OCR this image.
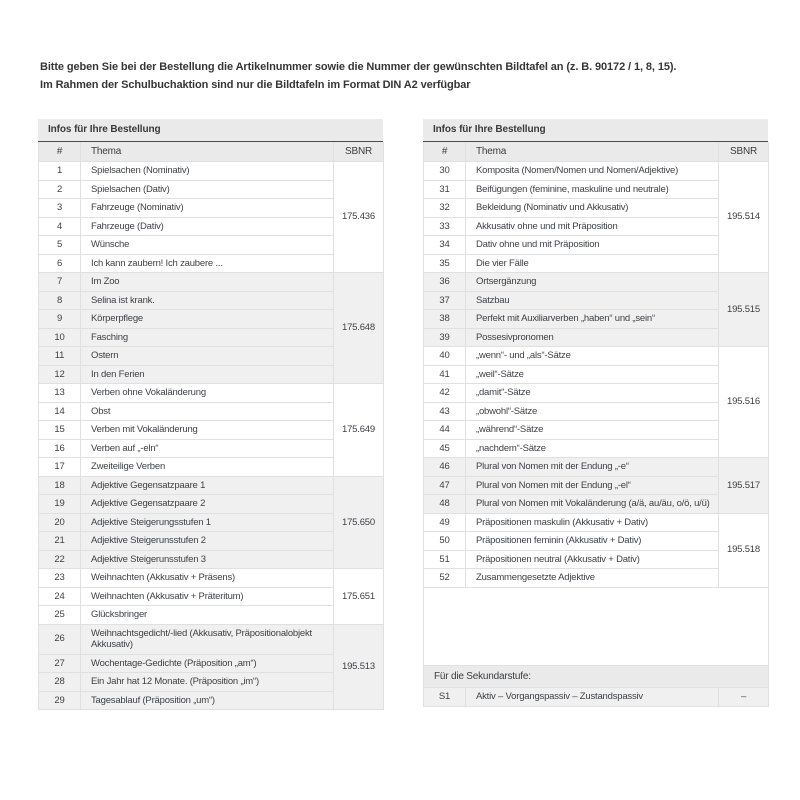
Bitte geben Sie bei der Bestellung die Artikelnummer sowie die Nummer der gewünschten Bildtafel an (z. B. 90172 / 1, 8, 15).
Im Rahmen der Schulbuchaktion sind nur die Bildtafeln im Format DIN A2 verfügbar
Infos für Ihre Bestellung
#	Thema	SBNR
1	Spielsachen (Nominativ)	175.436
2	Spielsachen (Dativ)	
3	Fahrzeuge (Nominativ)	
4	Fahrzeuge (Dativ)	
5	Wünsche	
6	Ich kann zaubern! Ich zaubere ...	
7	Im Zoo	175.648
8	Selina ist krank.	
9	Körperpflege	
10	Fasching	
11	Ostern	
12	In den Ferien	
13	Verben ohne Vokaländerung	175.649
14	Obst	
15	Verben mit Vokaländerung	
16	Verben auf „-eln“	
17	Zweiteilige Verben	
18	Adjektive Gegensatzpaare 1	175.650
19	Adjektive Gegensatzpaare 2	
20	Adjektive Steigerungsstufen 1	
21	Adjektive Steigerunsstufen 2	
22	Adjektive Steigerunsstufen 3	
23	Weihnachten (Akkusativ + Präsens)	175.651
24	Weihnachten (Akkusativ + Präteritum)	
25	Glücksbringer	
26	Weihnachtsgedicht/-lied (Akkusativ, Präpositionalobjekt Akkusativ)	195.513
27	Wochentage-Gedichte (Präposition „am“)	
28	Ein Jahr hat 12 Monate. (Präposition „im“)	
29	Tagesablauf (Präposition „um“)	
Infos für Ihre Bestellung
#	Thema	SBNR
30	Komposita (Nomen/Nomen und Nomen/Adjektive)	195.514
31	Beifügungen (feminine, maskuline und neutrale)	
32	Bekleidung (Nominativ und Akkusativ)	
33	Akkusativ ohne und mit Präposition	
34	Dativ ohne und mit Präposition	
35	Die vier Fälle	
36	Ortsergänzung	195.515
37	Satzbau	
38	Perfekt mit Auxiliarverben „haben“ und „sein“	
39	Possesivpronomen	
40	„wenn“- und „als“-Sätze	195.516
41	„weil“-Sätze	
42	„damit“-Sätze	
43	„obwohl“-Sätze	
44	„während“-Sätze	
45	„nachdem“-Sätze	
46	Plural von Nomen mit der Endung „-e“	195.517
47	Plural von Nomen mit der Endung „-el“	
48	Plural von Nomen mit Vokaländerung (a/ä, au/äu, o/ö, u/ü)	
49	Präpositionen maskulin (Akkusativ + Dativ)	195.518
50	Präpositionen feminin (Akkusativ + Dativ)	
51	Präpositionen neutral (Akkusativ + Dativ)	
52	Zusammengesetzte Adjektive	

Für die Sekundarstufe:		
S1	Aktiv – Vorgangspassiv – Zustandspassiv	–
